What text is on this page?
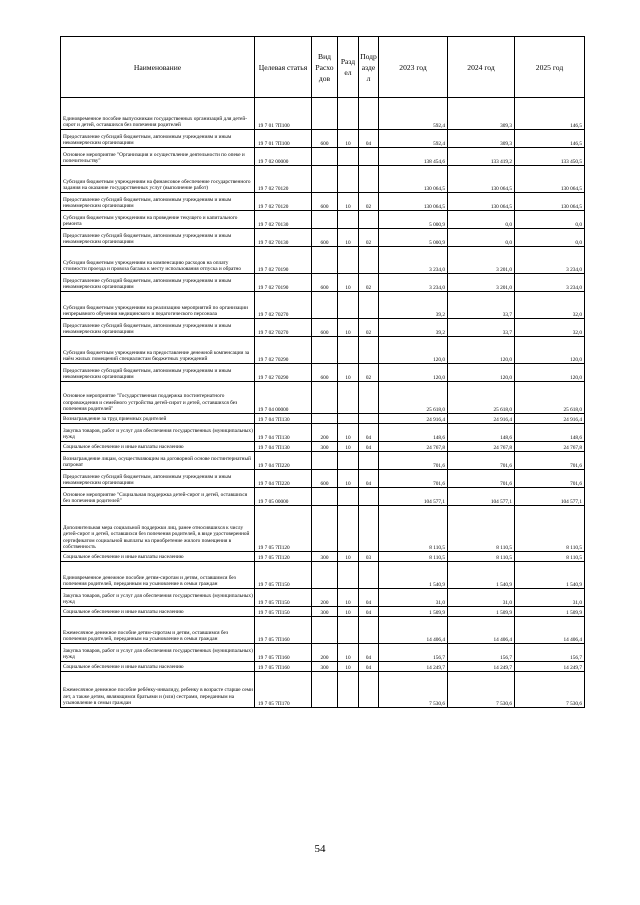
Наименование	Целевая статья	Вид Расхо дов	Разд ел	Подр азде л	2023 год	2024 год	2025 год
Единовременное пособие выпускникам государственных организаций для детей-сирот и детей, оставшихся без попечения родителей	19 7 01 7П100				592,4	309,3	146,5
Предоставление субсидий бюджетным, автономным учреждениям и иным некоммерческим организациям	19 7 01 7П100	600	10	04	592,4	309,3	146,5
Основное мероприятие "Организация и осуществление деятельности по опеке и попечительству"	19 7 02 00000				138 454,6	133 419,2	133 450,5
Субсидии бюджетным учреждениям на финансовое обеспечение государственного задания на оказание государственных услуг (выполнение работ)	19 7 02 70120				130 064,5	130 064,5	130 064,5
Предоставление субсидий бюджетным, автономным учреждениям и иным некоммерческим организациям	19 7 02 70120	600	10	02	130 064,5	130 064,5	130 064,5
Субсидии бюджетным учреждениям на проведение текущего и капитального ремонта	19 7 02 70130				5 000,9	0,0	0,0
Предоставление субсидий бюджетным, автономным учреждениям и иным некоммерческим организациям	19 7 02 70130	600	10	02	5 000,9	0,0	0,0
Субсидии бюджетным учреждениям на компенсацию расходов на оплату стоимости проезда и провоза багажа к месту использования отпуска и обратно	19 7 02 70190				3 234,0	3 201,0	3 234,0
Предоставление субсидий бюджетным, автономным учреждениям и иным некоммерческим организациям	19 7 02 70190	600	10	02	3 234,0	3 201,0	3 234,0
Субсидии бюджетным учреждениям на реализацию мероприятий по организации непрерывного обучения медицинского и педагогического персонала	19 7 02 70270				39,2	33,7	32,0
Предоставление субсидий бюджетным, автономным учреждениям и иным некоммерческим организациям	19 7 02 70270	600	10	02	39,2	33,7	32,0
Субсидии бюджетным учреждениям на предоставление денежной компенсации за наём жилых помещений специалистам бюджетных учреждений	19 7 02 70290				120,0	120,0	120,0
Предоставление субсидий бюджетным, автономным учреждениям и иным некоммерческим организациям	19 7 02 70290	600	10	02	120,0	120,0	120,0
Основное мероприятие "Государственная поддержка постинтернатного сопровождения и семейного устройства детей-сирот и детей, оставшихся без попечения родителей"	19 7 04 00000				25 618,0	25 618,0	25 618,0
Вознаграждение за труд приемных родителей	19 7 04 7П130				24 916,4	24 916,4	24 916,4
Закупка товаров, работ и услуг для обеспечения государственных (муниципальных) нужд	19 7 04 7П130	200	10	04	148,6	148,6	148,6
Социальное обеспечение и иные выплаты населению	19 7 04 7П130	300	10	04	24 767,8	24 767,8	24 767,8
Вознаграждение лицам, осуществляющим на договорной основе постинтернатный патронат	19 7 04 7П220				701,6	701,6	701,6
Предоставление субсидий бюджетным, автономным учреждениям и иным некоммерческим организациям	19 7 04 7П220	600	10	04	701,6	701,6	701,6
Основное мероприятие "Социальная поддержка детей-сирот и детей, оставшихся без попечения родителей"	19 7 05 00000				104 577,1	104 577,1	104 577,1
Дополнительная мера социальной поддержки лиц, ранее относившихся к числу детей-сирот и детей, оставшихся без попечения родителей, в виде удостоверенной сертификатом социальной выплаты на приобретение жилого помещения в собственность	19 7 05 7П120				8 110,5	8 110,5	8 110,5
Социальное обеспечение и иные выплаты населению	19 7 05 7П120	300	10	03	8 110,5	8 110,5	8 110,5
Единовременное денежное пособие детям-сиротам и детям, оставшимся без попечения родителей, переданным на усыновление в семьи граждан	19 7 05 7П150				1 540,9	1 540,9	1 540,9
Закупка товаров, работ и услуг для обеспечения государственных (муниципальных) нужд	19 7 05 7П150	200	10	04	31,0	31,0	31,0
Социальное обеспечение и иные выплаты населению	19 7 05 7П150	300	10	04	1 509,9	1 509,9	1 509,9
Ежемесячное денежное пособие детям-сиротам и детям, оставшимся без попечения родителей, переданным на усыновление в семьи граждан	19 7 05 7П160				14 406,4	14 406,4	14 406,4
Закупка товаров, работ и услуг для обеспечения государственных (муниципальных) нужд	19 7 05 7П160	200	10	04	156,7	156,7	156,7
Социальное обеспечение и иные выплаты населению	19 7 05 7П160	300	10	04	14 249,7	14 249,7	14 249,7
Ежемесячное денежное пособие ребёнку-инвалиду, ребенку в возрасте старше семи лет, а также детям, являющимся братьями и (или) сестрами, переданным на усыновление в семьи граждан	19 7 05 7П170				7 530,6	7 530,6	7 530,6
54
